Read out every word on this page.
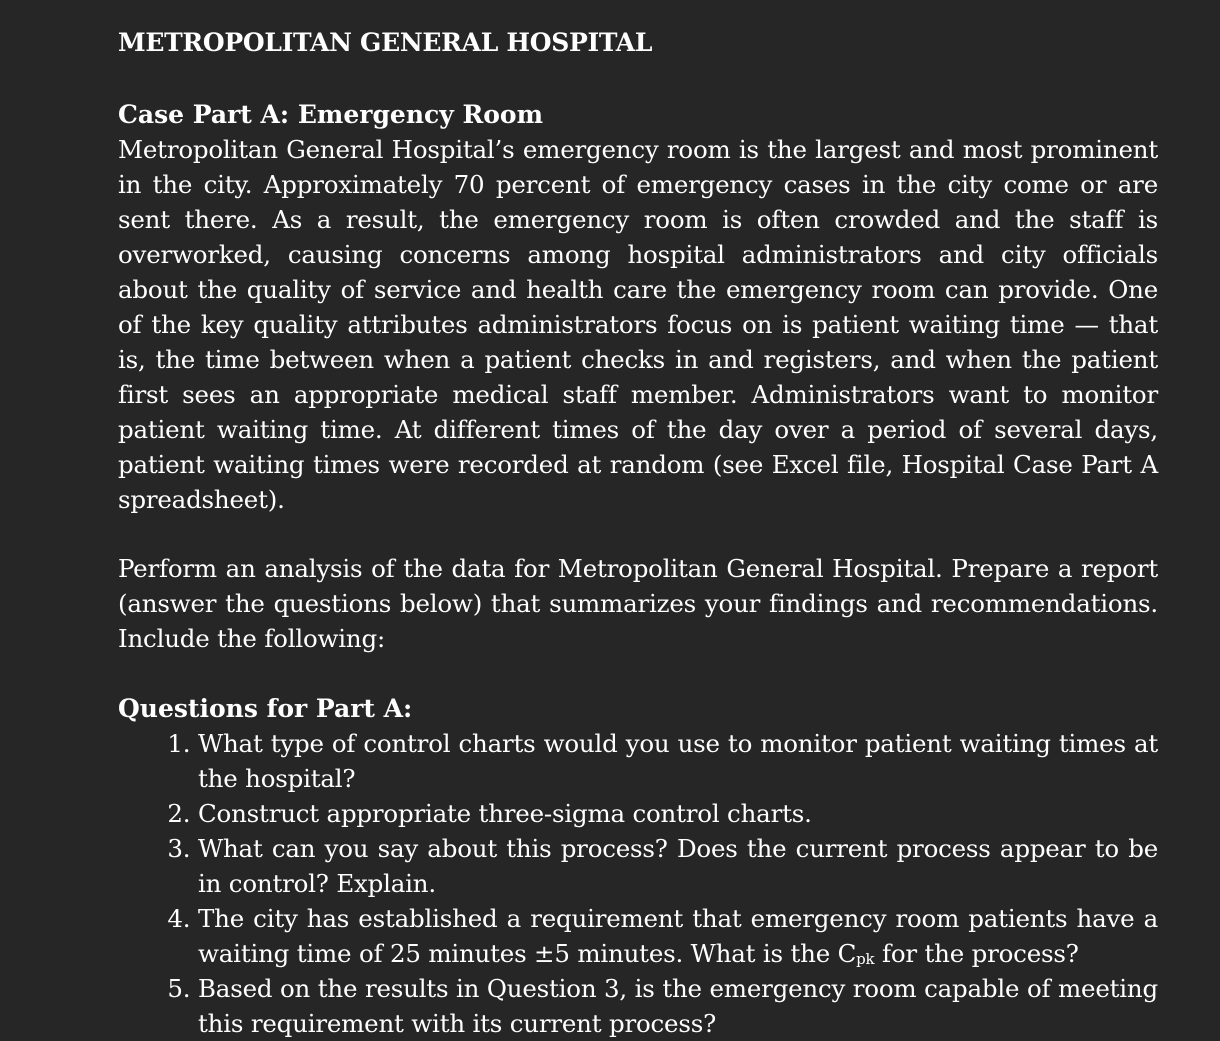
METROPOLITAN GENERAL HOSPITAL
Case Part A: Emergency Room

Metropolitan General Hospital’s emergency room is the largest and most prominent in the city. Approximately 70 percent of emergency cases in the city come or are sent there. As a result, the emergency room is often crowded and the staff is overworked, causing concerns among hospital administrators and city officials about the quality of service and health care the emergency room can provide. One of the key quality attributes administrators focus on is patient waiting time — that is, the time between when a patient checks in and registers, and when the patient first sees an appropriate medical staff member. Administrators want to monitor patient waiting time. At different times of the day over a period of several days, patient waiting times were recorded at random (see Excel file, Hospital Case Part A spreadsheet).

Perform an analysis of the data for Metropolitan General Hospital. Prepare a report (answer the questions below) that summarizes your findings and recommendations. Include the following:

Questions for Part A:
1. What type of control charts would you use to monitor patient waiting times at the hospital?
2. Construct appropriate three-sigma control charts.
3. What can you say about this process? Does the current process appear to be in control? Explain.
4. The city has established a requirement that emergency room patients have a waiting time of 25 minutes ±5 minutes. What is the $C_{pk}$ for the process?
5. Based on the results in Question 3, is the emergency room capable of meeting this requirement with its current process?
